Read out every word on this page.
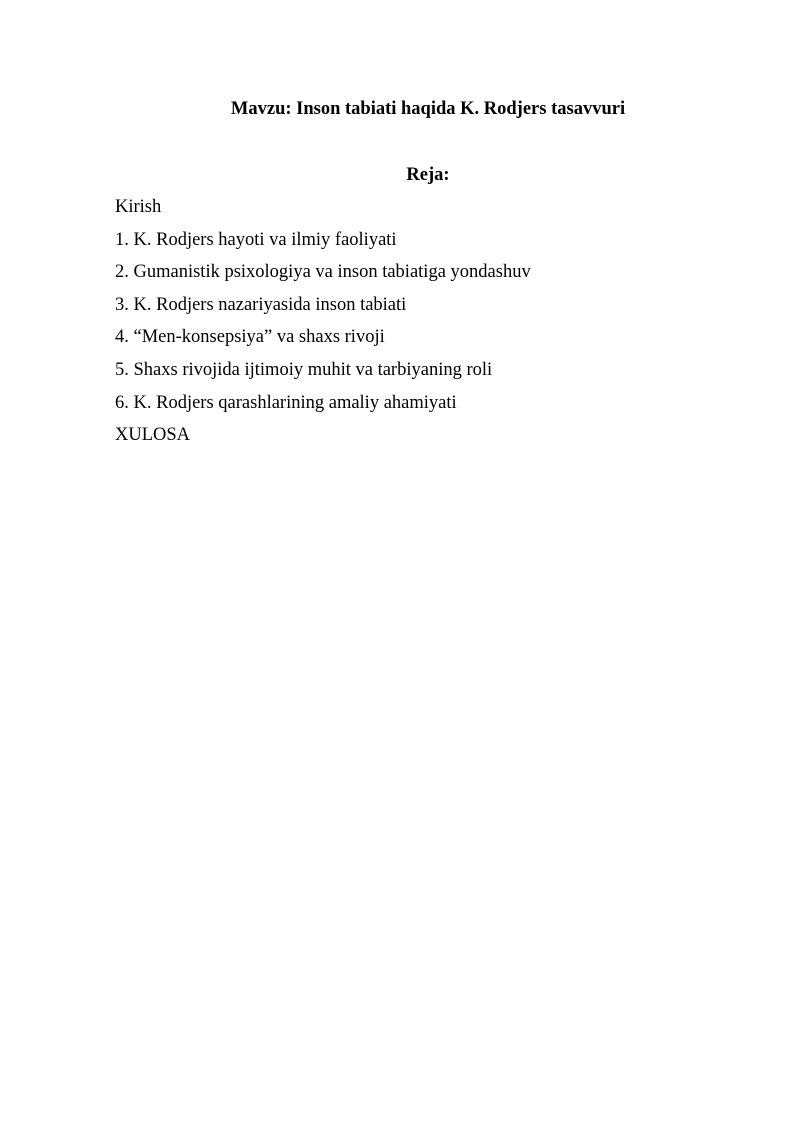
Mavzu: Inson tabiati haqida K. Rodjers tasavvuri
Reja:
Kirish
1. K. Rodjers hayoti va ilmiy faoliyati
2. Gumanistik psixologiya va inson tabiatiga yondashuv
3. K. Rodjers nazariyasida inson tabiati
4. “Men-konsepsiya” va shaxs rivoji
5. Shaxs rivojida ijtimoiy muhit va tarbiyaning roli
6. K. Rodjers qarashlarining amaliy ahamiyati
XULOSA
